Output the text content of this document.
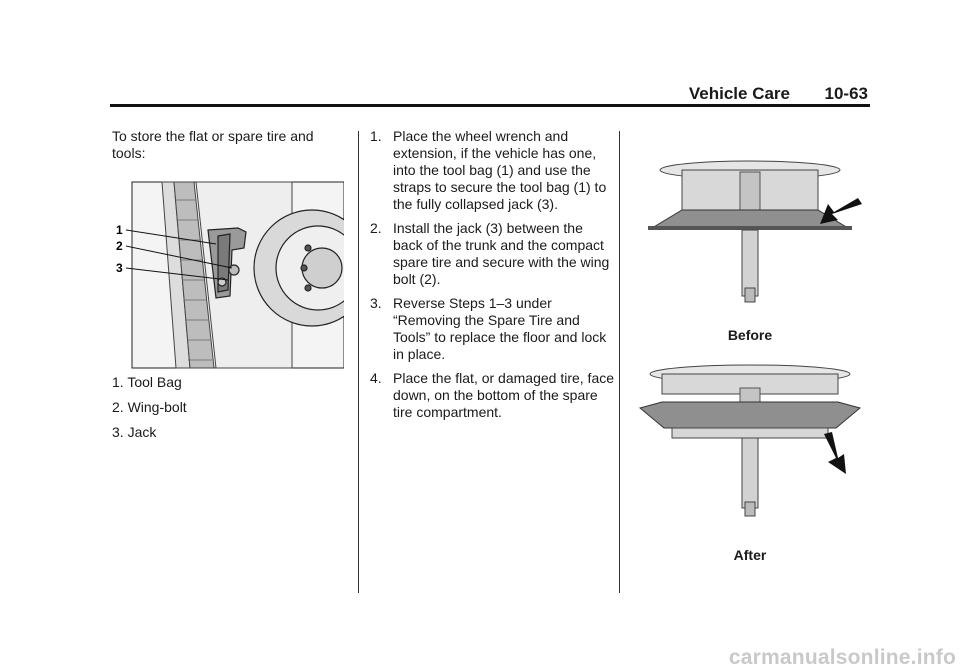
Vehicle Care 10-63

To store the flat or spare tire and tools:

1
2
3
1. Tool Bag
2. Wing-bolt
3. Jack
1. Place the wheel wrench and extension, if the vehicle has one, into the tool bag (1) and use the straps to secure the tool bag (1) to the fully collapsed jack (3).
2. Install the jack (3) between the back of the trunk and the compact spare tire and secure with the wing bolt (2).
3. Reverse Steps 1–3 under “Removing the Spare Tire and Tools” to replace the floor and lock in place.
4. Place the flat, or damaged tire, face down, on the bottom of the spare tire compartment.
Before
After
carmanualsonline.info
